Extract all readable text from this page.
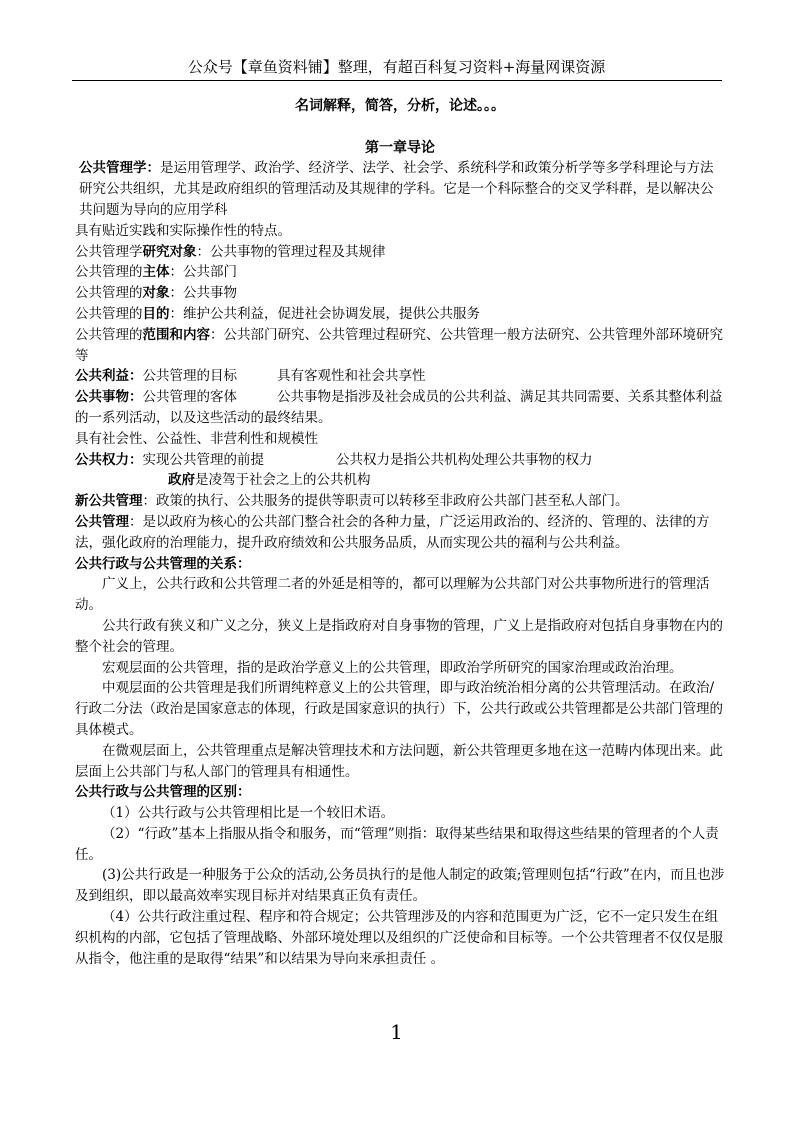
公众号【章鱼资料铺】整理，有超百科复习资料+海量网课资源

名词解释，简答，分析，论述。。。

第一章导论

公共管理学：是运用管理学、政治学、经济学、法学、社会学、系统科学和政策分析学等多学科理论与方法研究公共组织，尤其是政府组织的管理活动及其规律的学科。它是一个科际整合的交叉学科群，是以解决公共问题为导向的应用学科

具有贴近实践和实际操作性的特点。

公共管理学研究对象：公共事物的管理过程及其规律

公共管理的主体：公共部门

公共管理的对象：公共事物

公共管理的目的：维护公共利益，促进社会协调发展，提供公共服务

公共管理的范围和内容：公共部门研究、公共管理过程研究、公共管理一般方法研究、公共管理外部环境研究等

公共利益：公共管理的目标	具有客观性和社会共享性

公共事物：公共管理的客体	公共事物是指涉及社会成员的公共利益、满足其共同需要、关系其整体利益的一系列活动，以及这些活动的最终结果。

具有社会性、公益性、非营利性和规模性

公共权力：实现公共管理的前提	公共权力是指公共机构处理公共事物的权力

政府是凌驾于社会之上的公共机构

新公共管理：政策的执行、公共服务的提供等职责可以转移至非政府公共部门甚至私人部门。

公共管理：是以政府为核心的公共部门整合社会的各种力量，广泛运用政治的、经济的、管理的、法律的方法，强化政府的治理能力，提升政府绩效和公共服务品质，从而实现公共的福利与公共利益。

公共行政与公共管理的关系：

广义上，公共行政和公共管理二者的外延是相等的，都可以理解为公共部门对公共事物所进行的管理活动。

公共行政有狭义和广义之分，狭义上是指政府对自身事物的管理，广义上是指政府对包括自身事物在内的整个社会的管理。

宏观层面的公共管理，指的是政治学意义上的公共管理，即政治学所研究的国家治理或政治治理。

中观层面的公共管理是我们所谓纯粹意义上的公共管理，即与政治统治相分离的公共管理活动。在政治/行政二分法（政治是国家意志的体现，行政是国家意识的执行）下，公共行政或公共管理都是公共部门管理的具体模式。

在微观层面上，公共管理重点是解决管理技术和方法问题，新公共管理更多地在这一范畴内体现出来。此层面上公共部门与私人部门的管理具有相通性。

公共行政与公共管理的区别：

（1）公共行政与公共管理相比是一个较旧术语。

（2）“行政”基本上指服从指令和服务，而“管理”则指：取得某些结果和取得这些结果的管理者的个人责任。

(3)公共行政是一种服务于公众的活动,公务员执行的是他人制定的政策;管理则包括“行政”在内，而且也涉及到组织，即以最高效率实现目标并对结果真正负有责任。

（4）公共行政注重过程、程序和符合规定；公共管理涉及的内容和范围更为广泛，它不一定只发生在组织机构的内部，它包括了管理战略、外部环境处理以及组织的广泛使命和目标等。一个公共管理者不仅仅是服从指令，他注重的是取得“结果”和以结果为导向来承担责任 。

1
